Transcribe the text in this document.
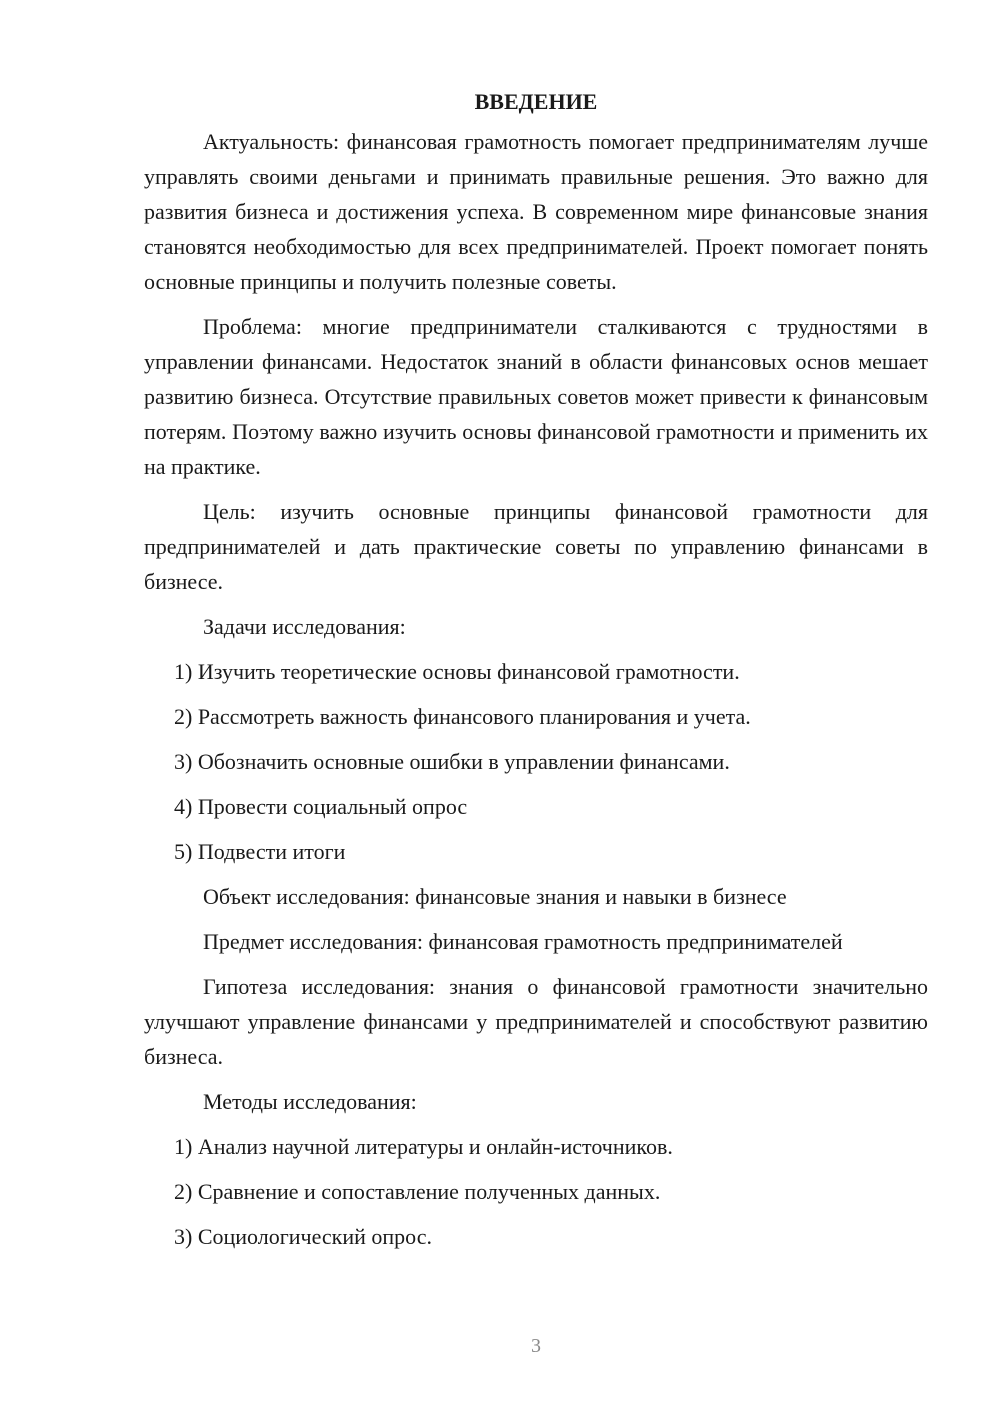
ВВЕДЕНИЕ

Актуальность: финансовая грамотность помогает предпринимателям лучше управлять своими деньгами и принимать правильные решения. Это важно для развития бизнеса и достижения успеха. В современном мире финансовые знания становятся необходимостью для всех предпринимателей. Проект помогает понять основные принципы и получить полезные советы.

Проблема: многие предприниматели сталкиваются с трудностями в управлении финансами. Недостаток знаний в области финансовых основ мешает развитию бизнеса. Отсутствие правильных советов может привести к финансовым потерям. Поэтому важно изучить основы финансовой грамотности и применить их на практике.

Цель: изучить основные принципы финансовой грамотности для предпринимателей и дать практические советы по управлению финансами в бизнесе.

Задачи исследования:

1) Изучить теоретические основы финансовой грамотности.

2) Рассмотреть важность финансового планирования и учета.

3) Обозначить основные ошибки в управлении финансами.

4) Провести социальный опрос

5) Подвести итоги

Объект исследования: финансовые знания и навыки в бизнесе

Предмет исследования: финансовая грамотность предпринимателей

Гипотеза исследования: знания о финансовой грамотности значительно улучшают управление финансами у предпринимателей и способствуют развитию бизнеса.

Методы исследования:

1) Анализ научной литературы и онлайн-источников.

2) Сравнение и сопоставление полученных данных.

3) Социологический опрос.

3
